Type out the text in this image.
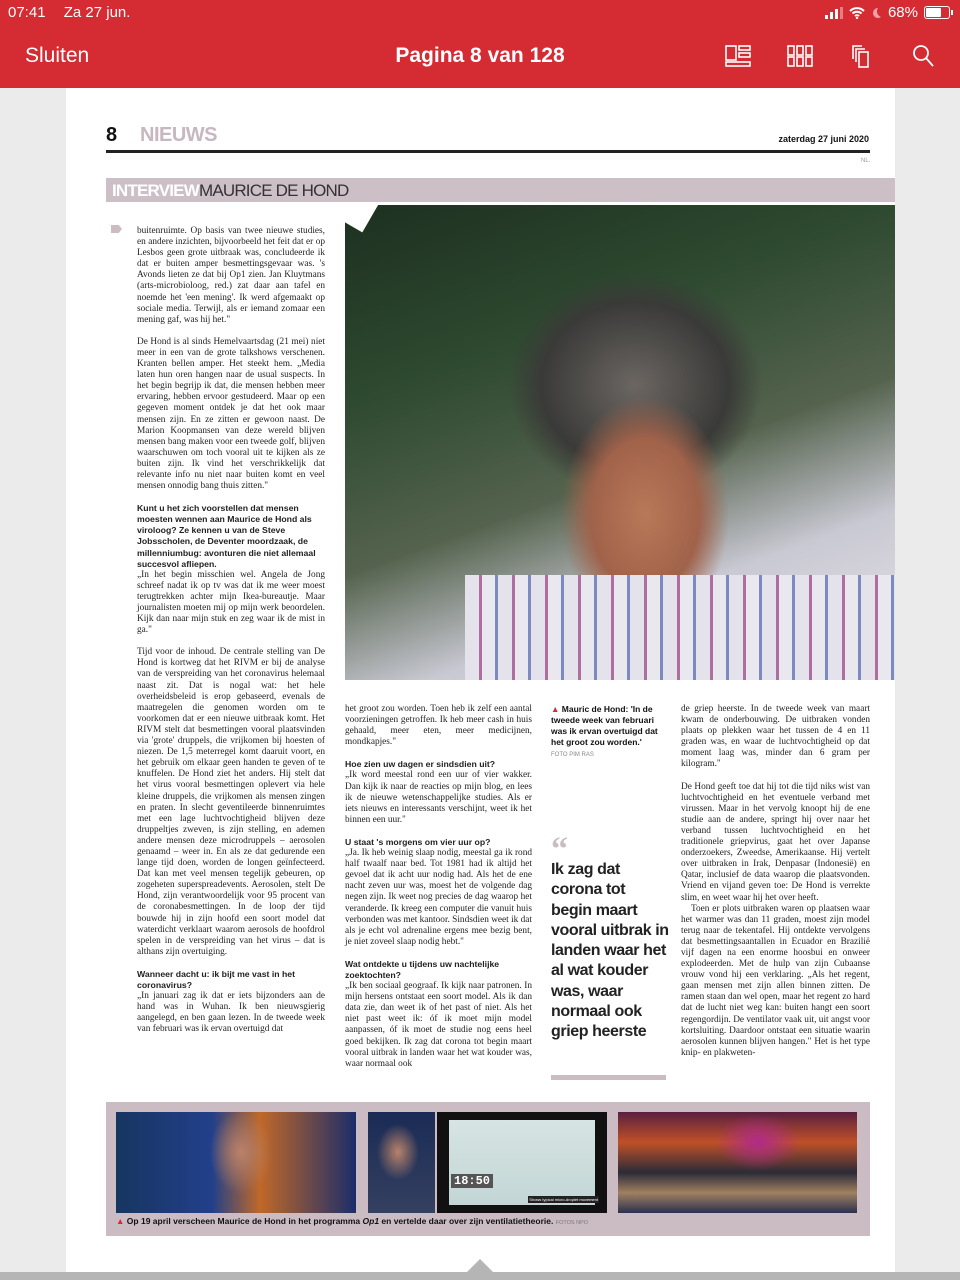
07:41 Za 27 jun.	68%
Sluiten	Pagina 8 van 128
8 NIEUWS	zaterdag 27 juni 2020
NL.
INTERVIEWMAURICE DE HOND

buitenruimte. Op basis van twee nieuwe studies, en andere inzichten, bijvoorbeeld het feit dat er op Lesbos geen grote uitbraak was, concludeerde ik dat er buiten amper besmettingsgevaar was. 's Avonds lieten ze dat bij Op1 zien. Jan Kluytmans (arts-microbioloog, red.) zat daar aan tafel en noemde het 'een mening'. Ik werd afgemaakt op sociale media. Terwijl, als er iemand zomaar een mening gaf, was hij het."

De Hond is al sinds Hemelvaartsdag (21 mei) niet meer in een van de grote talkshows verschenen. Kranten bellen amper. Het steekt hem. „Media laten hun oren hangen naar de usual suspects. In het begin begrijp ik dat, die mensen hebben meer ervaring, hebben ervoor gestudeerd. Maar op een gegeven moment ontdek je dat het ook maar mensen zijn. En ze zitten er gewoon naast. De Marion Koopmansen van deze wereld blijven mensen bang maken voor een tweede golf, blijven waarschuwen om toch vooral uit te kijken als ze buiten zijn. Ik vind het verschrikkelijk dat relevante info nu niet naar buiten komt en veel mensen onnodig bang thuis zitten."

Kunt u het zich voorstellen dat mensen moesten wennen aan Maurice de Hond als viroloog? Ze kennen u van de Steve Jobsscholen, de Deventer moordzaak, de millenniumbug: avonturen die niet allemaal succesvol afliepen.

„In het begin misschien wel. Angela de Jong schreef nadat ik op tv was dat ik me weer moest terugtrekken achter mijn Ikea-bureautje. Maar journalisten moeten mij op mijn werk beoordelen. Kijk dan naar mijn stuk en zeg waar ik de mist in ga."

Tijd voor de inhoud. De centrale stelling van De Hond is kortweg dat het RIVM er bij de analyse van de verspreiding van het coronavirus helemaal naast zit. Dat is nogal wat: het hele overheidsbeleid is erop gebaseerd, evenals de maatregelen die genomen worden om te voorkomen dat er een nieuwe uitbraak komt. Het RIVM stelt dat besmettingen vooral plaatsvinden via 'grote' druppels, die vrijkomen bij hoesten of niezen. De 1,5 meterregel komt daaruit voort, en het gebruik om elkaar geen handen te geven of te knuffelen. De Hond ziet het anders. Hij stelt dat het virus vooral besmettingen oplevert via hele kleine druppels, die vrijkomen als mensen zingen en praten. In slecht geventileerde binnenruimtes met een lage luchtvochtigheid blijven deze druppeltjes zweven, is zijn stelling, en ademen andere mensen deze microdruppels – aerosolen genaamd – weer in. En als ze dat gedurende een lange tijd doen, worden de longen geïnfecteerd. Dat kan met veel mensen tegelijk gebeuren, op zogeheten superspreadevents. Aerosolen, stelt De Hond, zijn verantwoordelijk voor 95 procent van de coronabesmettingen. In de loop der tijd bouwde hij in zijn hoofd een soort model dat waterdicht verklaart waarom aerosols de hoofdrol spelen in de verspreiding van het virus – dat is althans zijn overtuiging.

Wanneer dacht u: ik bijt me vast in het coronavirus?

„In januari zag ik dat er iets bijzonders aan de hand was in Wuhan. Ik ben nieuwsgierig aangelegd, en ben gaan lezen. In de tweede week van februari was ik ervan overtuigd dat

het groot zou worden. Toen heb ik zelf een aantal voorzieningen getroffen. Ik heb meer cash in huis gehaald, meer eten, meer medicijnen, mondkapjes."

Hoe zien uw dagen er sindsdien uit?

„Ik word meestal rond een uur of vier wakker. Dan kijk ik naar de reacties op mijn blog, en lees ik de nieuwe wetenschappelijke studies. Als er iets nieuws en interessants verschijnt, weet ik het binnen een uur."

U staat 's morgens om vier uur op?

„Ja. Ik heb weinig slaap nodig, meestal ga ik rond half twaalf naar bed. Tot 1981 had ik altijd het gevoel dat ik acht uur nodig had. Als het de ene nacht zeven uur was, moest het de volgende dag negen zijn. Ik weet nog precies de dag waarop het veranderde. Ik kreeg een computer die vanuit huis verbonden was met kantoor. Sindsdien weet ik dat als je echt vol adrenaline ergens mee bezig bent, je niet zoveel slaap nodig hebt."

Wat ontdekte u tijdens uw nachtelijke zoektochten?

„Ik ben sociaal geograaf. Ik kijk naar patronen. In mijn hersens ontstaat een soort model. Als ik dan data zie, dan weet ik of het past of niet. Als het niet past weet ik: óf ik moet mijn model aanpassen, óf ik moet de studie nog eens heel goed bekijken. Ik zag dat corona tot begin maart vooral uitbrak in landen waar het wat kouder was, waar normaal ook

de griep heerste. In de tweede week van maart kwam de onderbouwing. De uitbraken vonden plaats op plekken waar het tussen de 4 en 11 graden was, en waar de luchtvochtigheid op dat moment laag was, minder dan 6 gram per kilogram."

De Hond geeft toe dat hij tot die tijd niks wist van luchtvochtigheid en het eventuele verband met virussen. Maar in het vervolg knoopt hij de ene studie aan de andere, springt hij over naar het verband tussen luchtvochtigheid en het traditionele griepvirus, gaat het over Japanse onderzoekers, Zweedse, Amerikaanse. Hij vertelt over uitbraken in Irak, Denpasar (Indonesië) en Qatar, inclusief de data waarop die plaatsvonden. Vriend en vijand geven toe: De Hond is verrekte slim, en weet waar hij het over heeft.

Toen er plots uitbraken waren op plaatsen waar het warmer was dan 11 graden, moest zijn model terug naar de tekentafel. Hij ontdekte vervolgens dat besmettingsaantallen in Ecuador en Brazilië vijf dagen na een enorme hoosbui en onweer explodeerden. Met de hulp van zijn Cubaanse vrouw vond hij een verklaring. „Als het regent, gaan mensen met zijn allen binnen zitten. De ramen staan dan wel open, maar het regent zo hard dat de lucht niet weg kan: buiten hangt een soort regengordijn. De ventilator vaak uit, uit angst voor kortsluiting. Daardoor ontstaat een situatie waarin aerosolen kunnen blijven hangen." Het is het type knip- en plakweten-

▲ Mauric de Hond: 'In de tweede week van februari was ik ervan overtuigd dat het groot zou worden.'
FOTO PIM RAS
“
Ik zag dat corona tot begin maart vooral uitbrak in landen waar het al wat kouder was, waar normaal ook griep heerste
18:50
Shows typical micro-droplet movement
▲ Op 19 april verscheen Maurice de Hond in het programma Op1 en vertelde daar over zijn ventilatietheorie. FOTOS NPO
